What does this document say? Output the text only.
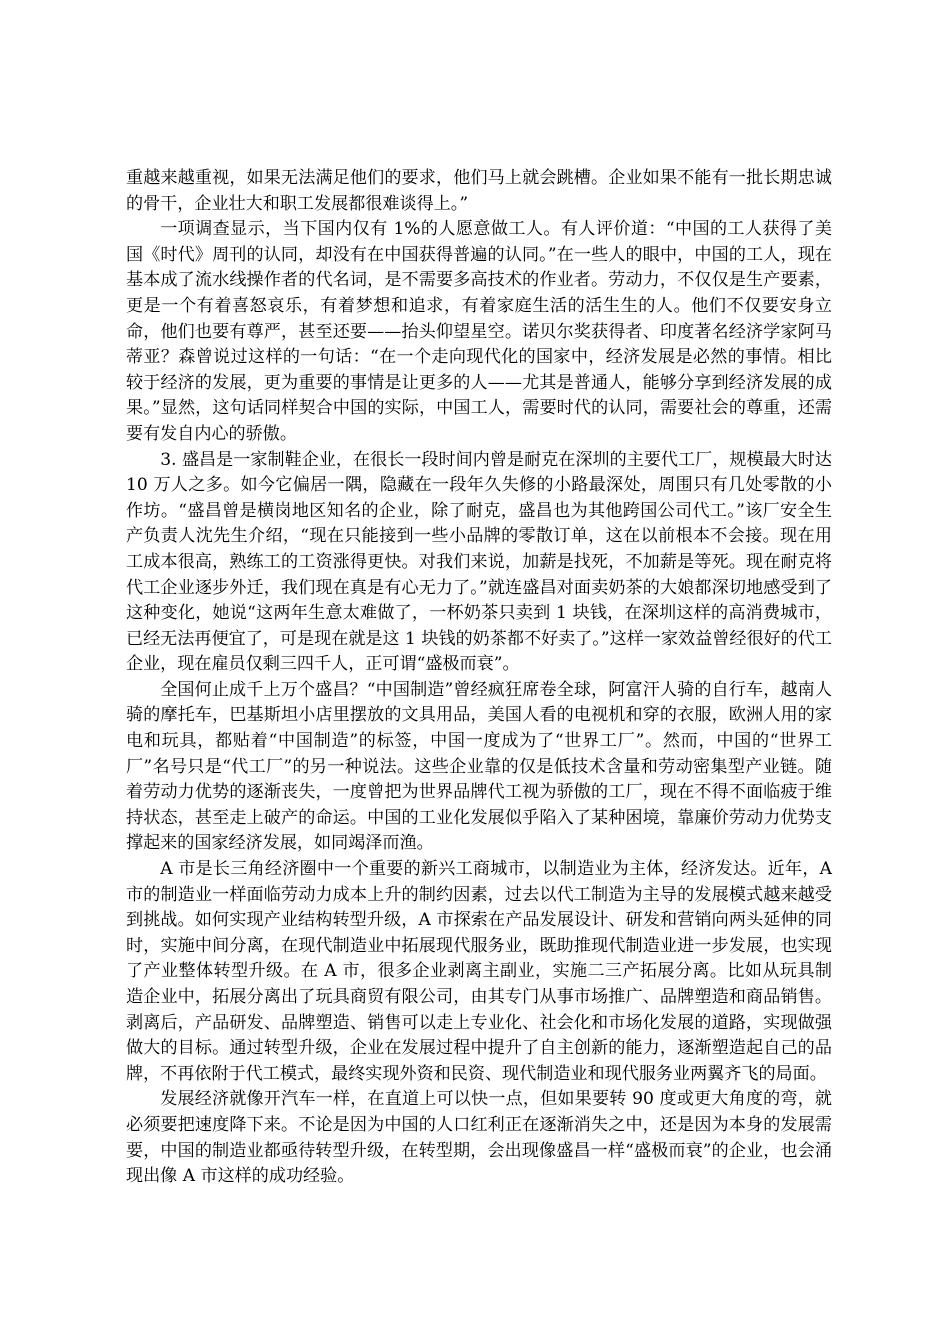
重越来越重视，如果无法满足他们的要求，他们马上就会跳槽。企业如果不能有一批长期忠诚的骨干，企业壮大和职工发展都很难谈得上。”

一项调查显示，当下国内仅有 1%的人愿意做工人。有人评价道：“中国的工人获得了美国《时代》周刊的认同，却没有在中国获得普遍的认同。”在一些人的眼中，中国的工人，现在基本成了流水线操作者的代名词，是不需要多高技术的作业者。劳动力，不仅仅是生产要素，更是一个有着喜怒哀乐，有着梦想和追求，有着家庭生活的活生生的人。他们不仅要安身立命，他们也要有尊严，甚至还要——抬头仰望星空。诺贝尔奖获得者、印度著名经济学家阿马蒂亚？森曾说过这样的一句话：“在一个走向现代化的国家中，经济发展是必然的事情。相比较于经济的发展，更为重要的事情是让更多的人——尤其是普通人，能够分享到经济发展的成果。”显然，这句话同样契合中国的实际，中国工人，需要时代的认同，需要社会的尊重，还需要有发自内心的骄傲。

3. 盛昌是一家制鞋企业，在很长一段时间内曾是耐克在深圳的主要代工厂，规模最大时达 10 万人之多。如今它偏居一隅，隐藏在一段年久失修的小路最深处，周围只有几处零散的小作坊。“盛昌曾是横岗地区知名的企业，除了耐克，盛昌也为其他跨国公司代工。”该厂安全生产负责人沈先生介绍，“现在只能接到一些小品牌的零散订单，这在以前根本不会接。现在用工成本很高，熟练工的工资涨得更快。对我们来说，加薪是找死，不加薪是等死。现在耐克将代工企业逐步外迁，我们现在真是有心无力了。”就连盛昌对面卖奶茶的大娘都深切地感受到了这种变化，她说“这两年生意太难做了，一杯奶茶只卖到 1 块钱，在深圳这样的高消费城市，已经无法再便宜了，可是现在就是这 1 块钱的奶茶都不好卖了。”这样一家效益曾经很好的代工企业，现在雇员仅剩三四千人，正可谓“盛极而衰”。

全国何止成千上万个盛昌？“中国制造”曾经疯狂席卷全球，阿富汗人骑的自行车，越南人骑的摩托车，巴基斯坦小店里摆放的文具用品，美国人看的电视机和穿的衣服，欧洲人用的家电和玩具，都贴着“中国制造”的标签，中国一度成为了“世界工厂”。然而，中国的“世界工厂”名号只是“代工厂”的另一种说法。这些企业靠的仅是低技术含量和劳动密集型产业链。随着劳动力优势的逐渐丧失，一度曾把为世界品牌代工视为骄傲的工厂，现在不得不面临疲于维持状态，甚至走上破产的命运。中国的工业化发展似乎陷入了某种困境，靠廉价劳动力优势支撑起来的国家经济发展，如同竭泽而渔。

A 市是长三角经济圈中一个重要的新兴工商城市，以制造业为主体，经济发达。近年，A 市的制造业一样面临劳动力成本上升的制约因素，过去以代工制造为主导的发展模式越来越受到挑战。如何实现产业结构转型升级，A 市探索在产品发展设计、研发和营销向两头延伸的同时，实施中间分离，在现代制造业中拓展现代服务业，既助推现代制造业进一步发展，也实现了产业整体转型升级。在 A 市，很多企业剥离主副业，实施二三产拓展分离。比如从玩具制造企业中，拓展分离出了玩具商贸有限公司，由其专门从事市场推广、品牌塑造和商品销售。剥离后，产品研发、品牌塑造、销售可以走上专业化、社会化和市场化发展的道路，实现做强做大的目标。通过转型升级，企业在发展过程中提升了自主创新的能力，逐渐塑造起自己的品牌，不再依附于代工模式，最终实现外资和民资、现代制造业和现代服务业两翼齐飞的局面。

发展经济就像开汽车一样，在直道上可以快一点，但如果要转 90 度或更大角度的弯，就必须要把速度降下来。不论是因为中国的人口红利正在逐渐消失之中，还是因为本身的发展需要，中国的制造业都亟待转型升级，在转型期，会出现像盛昌一样“盛极而衰”的企业，也会涌现出像 A 市这样的成功经验。
